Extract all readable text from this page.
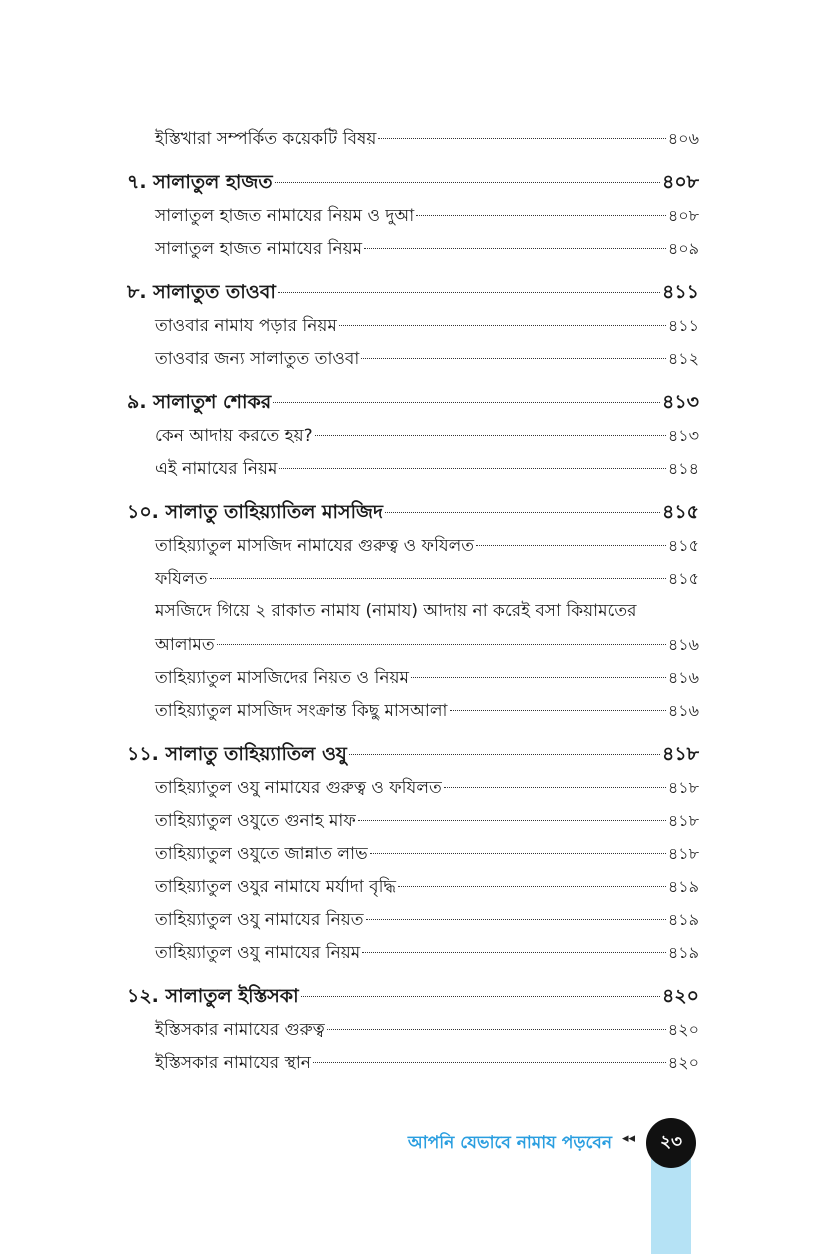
ইস্তিখারা সম্পর্কিত কয়েকটি বিষয়	৪০৬
৭. সালাতুল হাজত	৪০৮
সালাতুল হাজত নামাযের নিয়ম ও দুআ	৪০৮
সালাতুল হাজত নামাযের নিয়ম	৪০৯
৮. সালাতুত তাওবা	৪১১
তাওবার নামায পড়ার নিয়ম	৪১১
তাওবার জন্য সালাতুত তাওবা	৪১২
৯. সালাতুশ শোকর	৪১৩
কেন আদায় করতে হয়?	৪১৩
এই নামাযের নিয়ম	৪১৪
১০. সালাতু তাহিয়্যাতিল মাসজিদ	৪১৫
তাহিয়্যাতুল মাসজিদ নামাযের গুরুত্ব ও ফযিলত	৪১৫
ফযিলত	৪১৫
মসজিদে গিয়ে ২ রাকাত নামায (নামায) আদায় না করেই বসা কিয়ামতের
আলামত	৪১৬
তাহিয়্যাতুল মাসজিদের নিয়ত ও নিয়ম	৪১৬
তাহিয়্যাতুল মাসজিদ সংক্রান্ত কিছু মাসআলা	৪১৬
১১. সালাতু তাহিয়্যাতিল ওযু	৪১৮
তাহিয়্যাতুল ওযু নামাযের গুরুত্ব ও ফযিলত	৪১৮
তাহিয়্যাতুল ওযুতে গুনাহ মাফ	৪১৮
তাহিয়্যাতুল ওযুতে জান্নাত লাভ	৪১৮
তাহিয়্যাতুল ওযুর নামাযে মর্যাদা বৃদ্ধি	৪১৯
তাহিয়্যাতুল ওযু নামাযের নিয়ত	৪১৯
তাহিয়্যাতুল ওযু নামাযের নিয়ম	৪১৯
১২. সালাতুল ইস্তিসকা	৪২০
ইস্তিসকার নামাযের গুরুত্ব	৪২০
ইস্তিসকার নামাযের স্থান	৪২০
আপনি যেভাবে নামায পড়বেন ◂◂ ২৩
